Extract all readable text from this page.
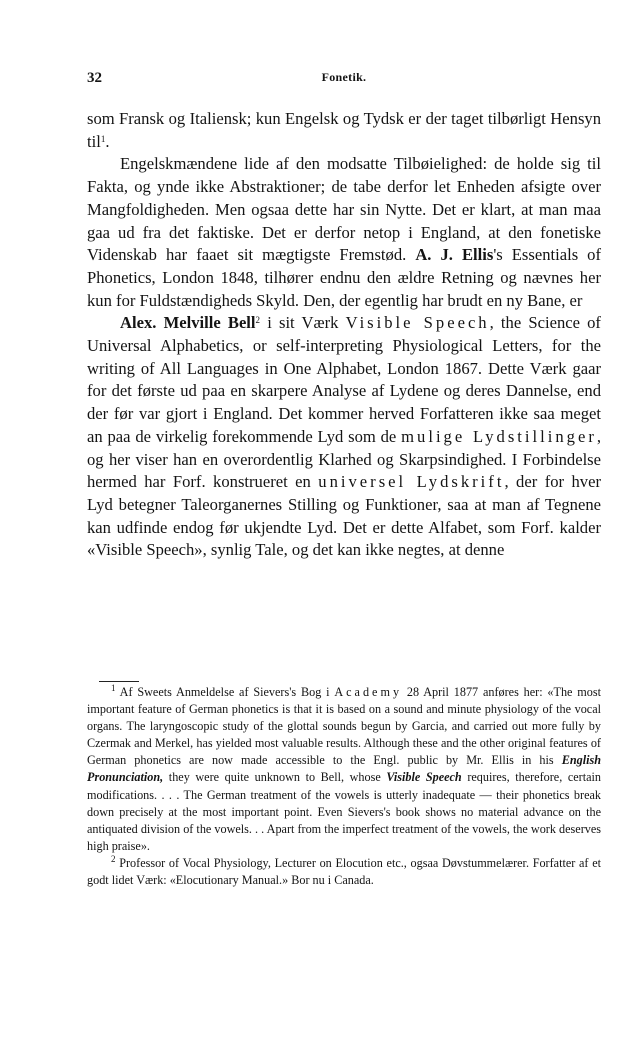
32	Fonetik.

som Fransk og Italiensk; kun Engelsk og Tydsk er der taget tilbørligt Hensyn til$^1$.

Engelskmændene lide af den modsatte Tilbøielighed: de holde sig til Fakta, og ynde ikke Abstraktioner; de tabe derfor let Enheden afsigte over Mangfoldigheden. Men ogsaa dette har sin Nytte. Det er klart, at man maa gaa ud fra det faktiske. Det er derfor netop i England, at den fonetiske Videnskab har faaet sit mægtigste Fremstød. A. J. Ellis's Essentials of Phonetics, London 1848, tilhører endnu den ældre Retning og nævnes her kun for Fuldstændigheds Skyld. Den, der egentlig har brudt en ny Bane, er

Alex. Melville Bell$^2$ i sit Værk Visible Speech, the Science of Universal Alphabetics, or self-interpreting Physiological Letters, for the writing of All Languages in One Alphabet, London 1867. Dette Værk gaar for det første ud paa en skarpere Analyse af Lydene og deres Dannelse, end der før var gjort i England. Det kommer herved Forfatteren ikke saa meget an paa de virkelig forekommende Lyd som de mulige Lydstillinger, og her viser han en overordentlig Klarhed og Skarpsindighed. I Forbindelse hermed har Forf. konstrueret en universel Lydskrift, der for hver Lyd betegner Taleorganernes Stilling og Funktioner, saa at man af Tegnene kan udfinde endog før ukjendte Lyd. Det er dette Alfabet, som Forf. kalder «Visible Speech», synlig Tale, og det kan ikke negtes, at denne

$^1$ Af Sweets Anmeldelse af Sievers's Bog i Academy 28 April 1877 anføres her: «The most important feature of German phonetics is that it is based on a sound and minute physiology of the vocal organs. The laryngoscopic study of the glottal sounds begun by Garcia, and carried out more fully by Czermak and Merkel, has yielded most valuable results. Although these and the other original features of German phonetics are now made accessible to the Engl. public by Mr. Ellis in his English Pronunciation, they were quite unknown to Bell, whose Visible Speech requires, therefore, certain modifications. . . . The German treatment of the vowels is utterly inadequate — their phonetics break down precisely at the most important point. Even Sievers's book shows no material advance on the antiquated division of the vowels. . . Apart from the imperfect treatment of the vowels, the work deserves high praise».

$^2$ Professor of Vocal Physiology, Lecturer on Elocution etc., ogsaa Døvstummelærer. Forfatter af et godt lidet Værk: «Elocutionary Manual.» Bor nu i Canada.
